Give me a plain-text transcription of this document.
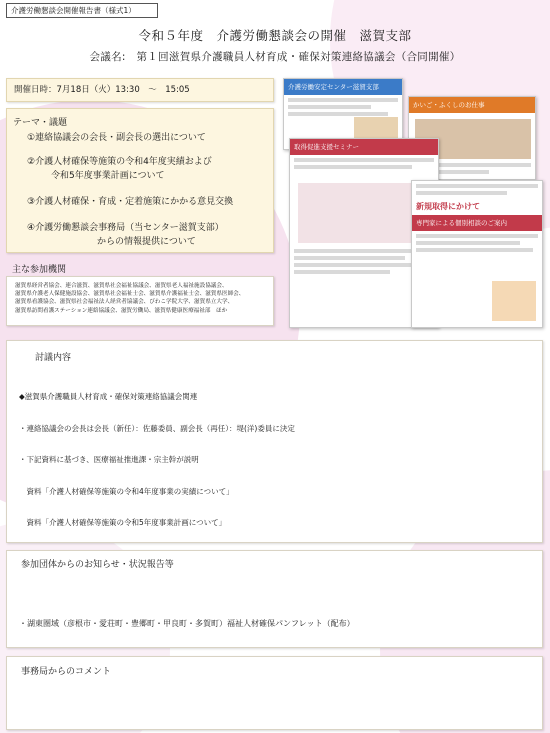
介護労働懇談会開催報告書（様式1）
令和５年度　介護労働懇談会の開催　滋賀支部
会議名:　第１回滋賀県介護職員人材育成・確保対策連絡協議会（合同開催）
開催日時：7月18日（火）13:30　～　15:05
テーマ・議題
①連絡協議会の会長・副会長の選出について
②介護人材確保等施策の令和4年度実績および
令和5年度事業計画について
③介護人材確保・育成・定着施策にかかる意見交換
④介護労働懇談会事務局（当センター滋賀支部）
からの情報提供について
主な参加機関
滋賀県経営者協会、連合滋賀、滋賀県社会福祉協議会、滋賀県老人福祉施設協議会、
滋賀県介護老人保健施設協会、滋賀県社会福祉士会、滋賀県介護福祉士会、滋賀県医師会、
滋賀県看護協会、滋賀県社会福祉法人経営者協議会、びわこ学院大学、滋賀県立大学、
滋賀県訪問看護ステーション連絡協議会、滋賀労働局、滋賀県健康医療福祉部　ほか
介護労働安定センター滋賀支部
かいご・ふくしのお仕事
取得促進支援セミナー
新規取得にかけて
専門家による個別相談のご案内
討議内容

◆滋賀県介護職員人材育成・確保対策連絡協議会関連

・連絡協議会の会長は会長（新任）：佐藤委員、副会長（再任）：堤(洋)委員に決定

・下記資料に基づき、医療福祉推進課・宗主幹が説明

　資料「介護人材確保等施策の令和4年度事業の実績について」

　資料「介護人材確保等施策の令和5年度事業計画について」

参加団体からのお知らせ・状況報告等

・湖東圏域（彦根市・愛荘町・豊郷町・甲良町・多賀町）福祉人材確保パンフレット（配布）

事務局からのコメント
